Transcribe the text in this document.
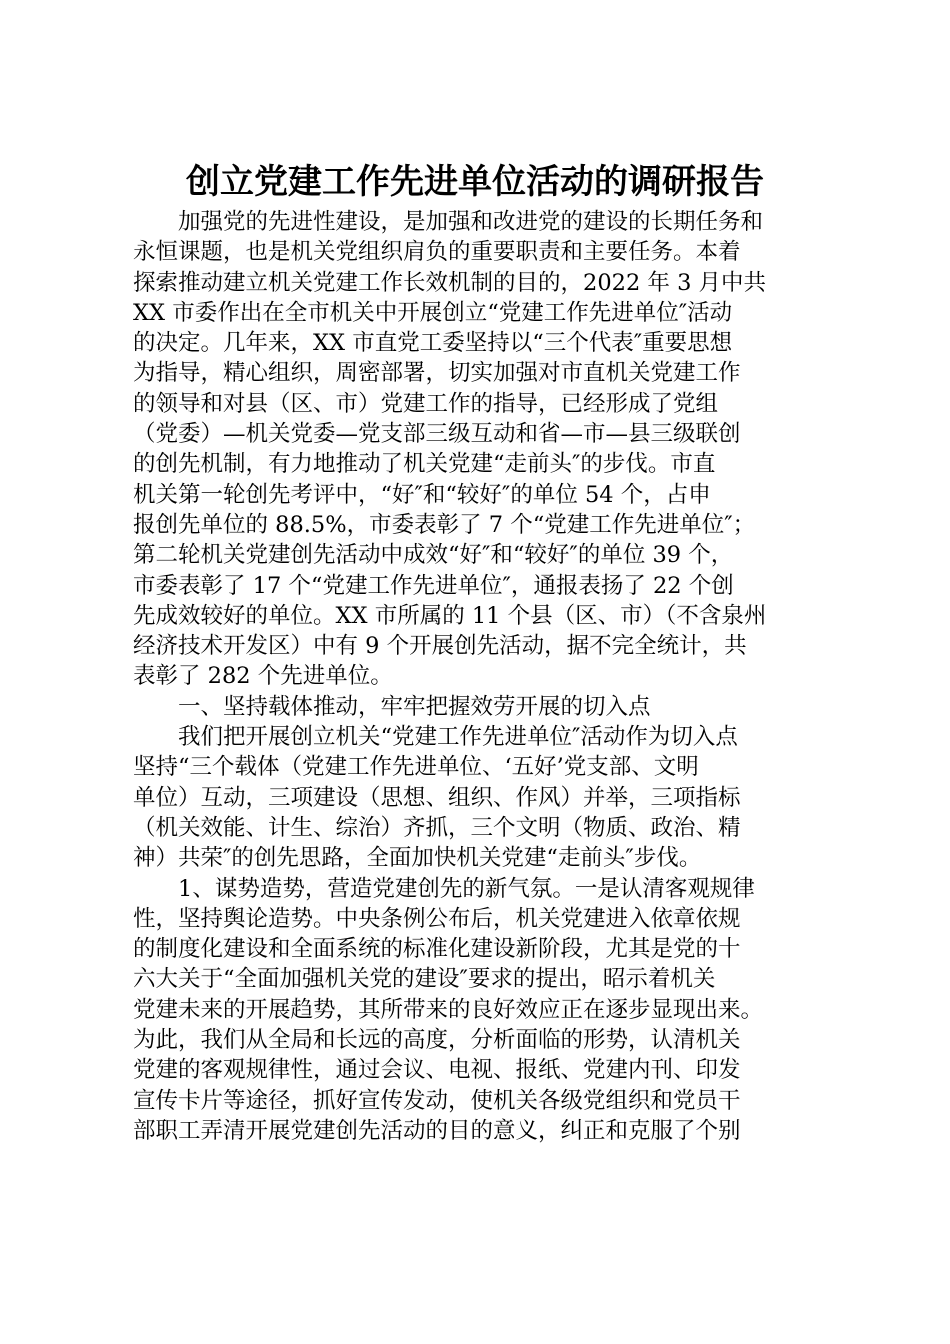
创立党建工作先进单位活动的调研报告
加强党的先进性建设，是加强和改进党的建设的长期任务和
永恒课题，也是机关党组织肩负的重要职责和主要任务。本着
探索推动建立机关党建工作长效机制的目的，2022 年 3 月中共
XX 市委作出在全市机关中开展创立“党建工作先进单位″活动
的决定。几年来，XX 市直党工委坚持以“三个代表″重要思想
为指导，精心组织，周密部署，切实加强对市直机关党建工作
的领导和对县（区、市）党建工作的指导，已经形成了党组
（党委）—机关党委—党支部三级互动和省—市—县三级联创
的创先机制，有力地推动了机关党建“走前头″的步伐。市直
机关第一轮创先考评中，“好″和“较好″的单位 54 个，占申
报创先单位的 88.5%，市委表彰了 7 个“党建工作先进单位″；
第二轮机关党建创先活动中成效“好″和“较好″的单位 39 个，
市委表彰了 17 个“党建工作先进单位″，通报表扬了 22 个创
先成效较好的单位。XX 市所属的 11 个县（区、市）（不含泉州
经济技术开发区）中有 9 个开展创先活动，据不完全统计，共
表彰了 282 个先进单位。
一、坚持载体推动，牢牢把握效劳开展的切入点
我们把开展创立机关“党建工作先进单位″活动作为切入点
坚持“三个载体（党建工作先进单位、‘五好’党支部、文明
单位）互动，三项建设（思想、组织、作风）并举，三项指标
（机关效能、计生、综治）齐抓，三个文明（物质、政治、精
神）共荣″的创先思路，全面加快机关党建“走前头″步伐。
1、谋势造势，营造党建创先的新气氛。一是认清客观规律
性，坚持舆论造势。中央条例公布后，机关党建进入依章依规
的制度化建设和全面系统的标准化建设新阶段，尤其是党的十
六大关于“全面加强机关党的建设″要求的提出，昭示着机关
党建未来的开展趋势，其所带来的良好效应正在逐步显现出来。
为此，我们从全局和长远的高度，分析面临的形势，认清机关
党建的客观规律性，通过会议、电视、报纸、党建内刊、印发
宣传卡片等途径，抓好宣传发动，使机关各级党组织和党员干
部职工弄清开展党建创先活动的目的意义，纠正和克服了个别
